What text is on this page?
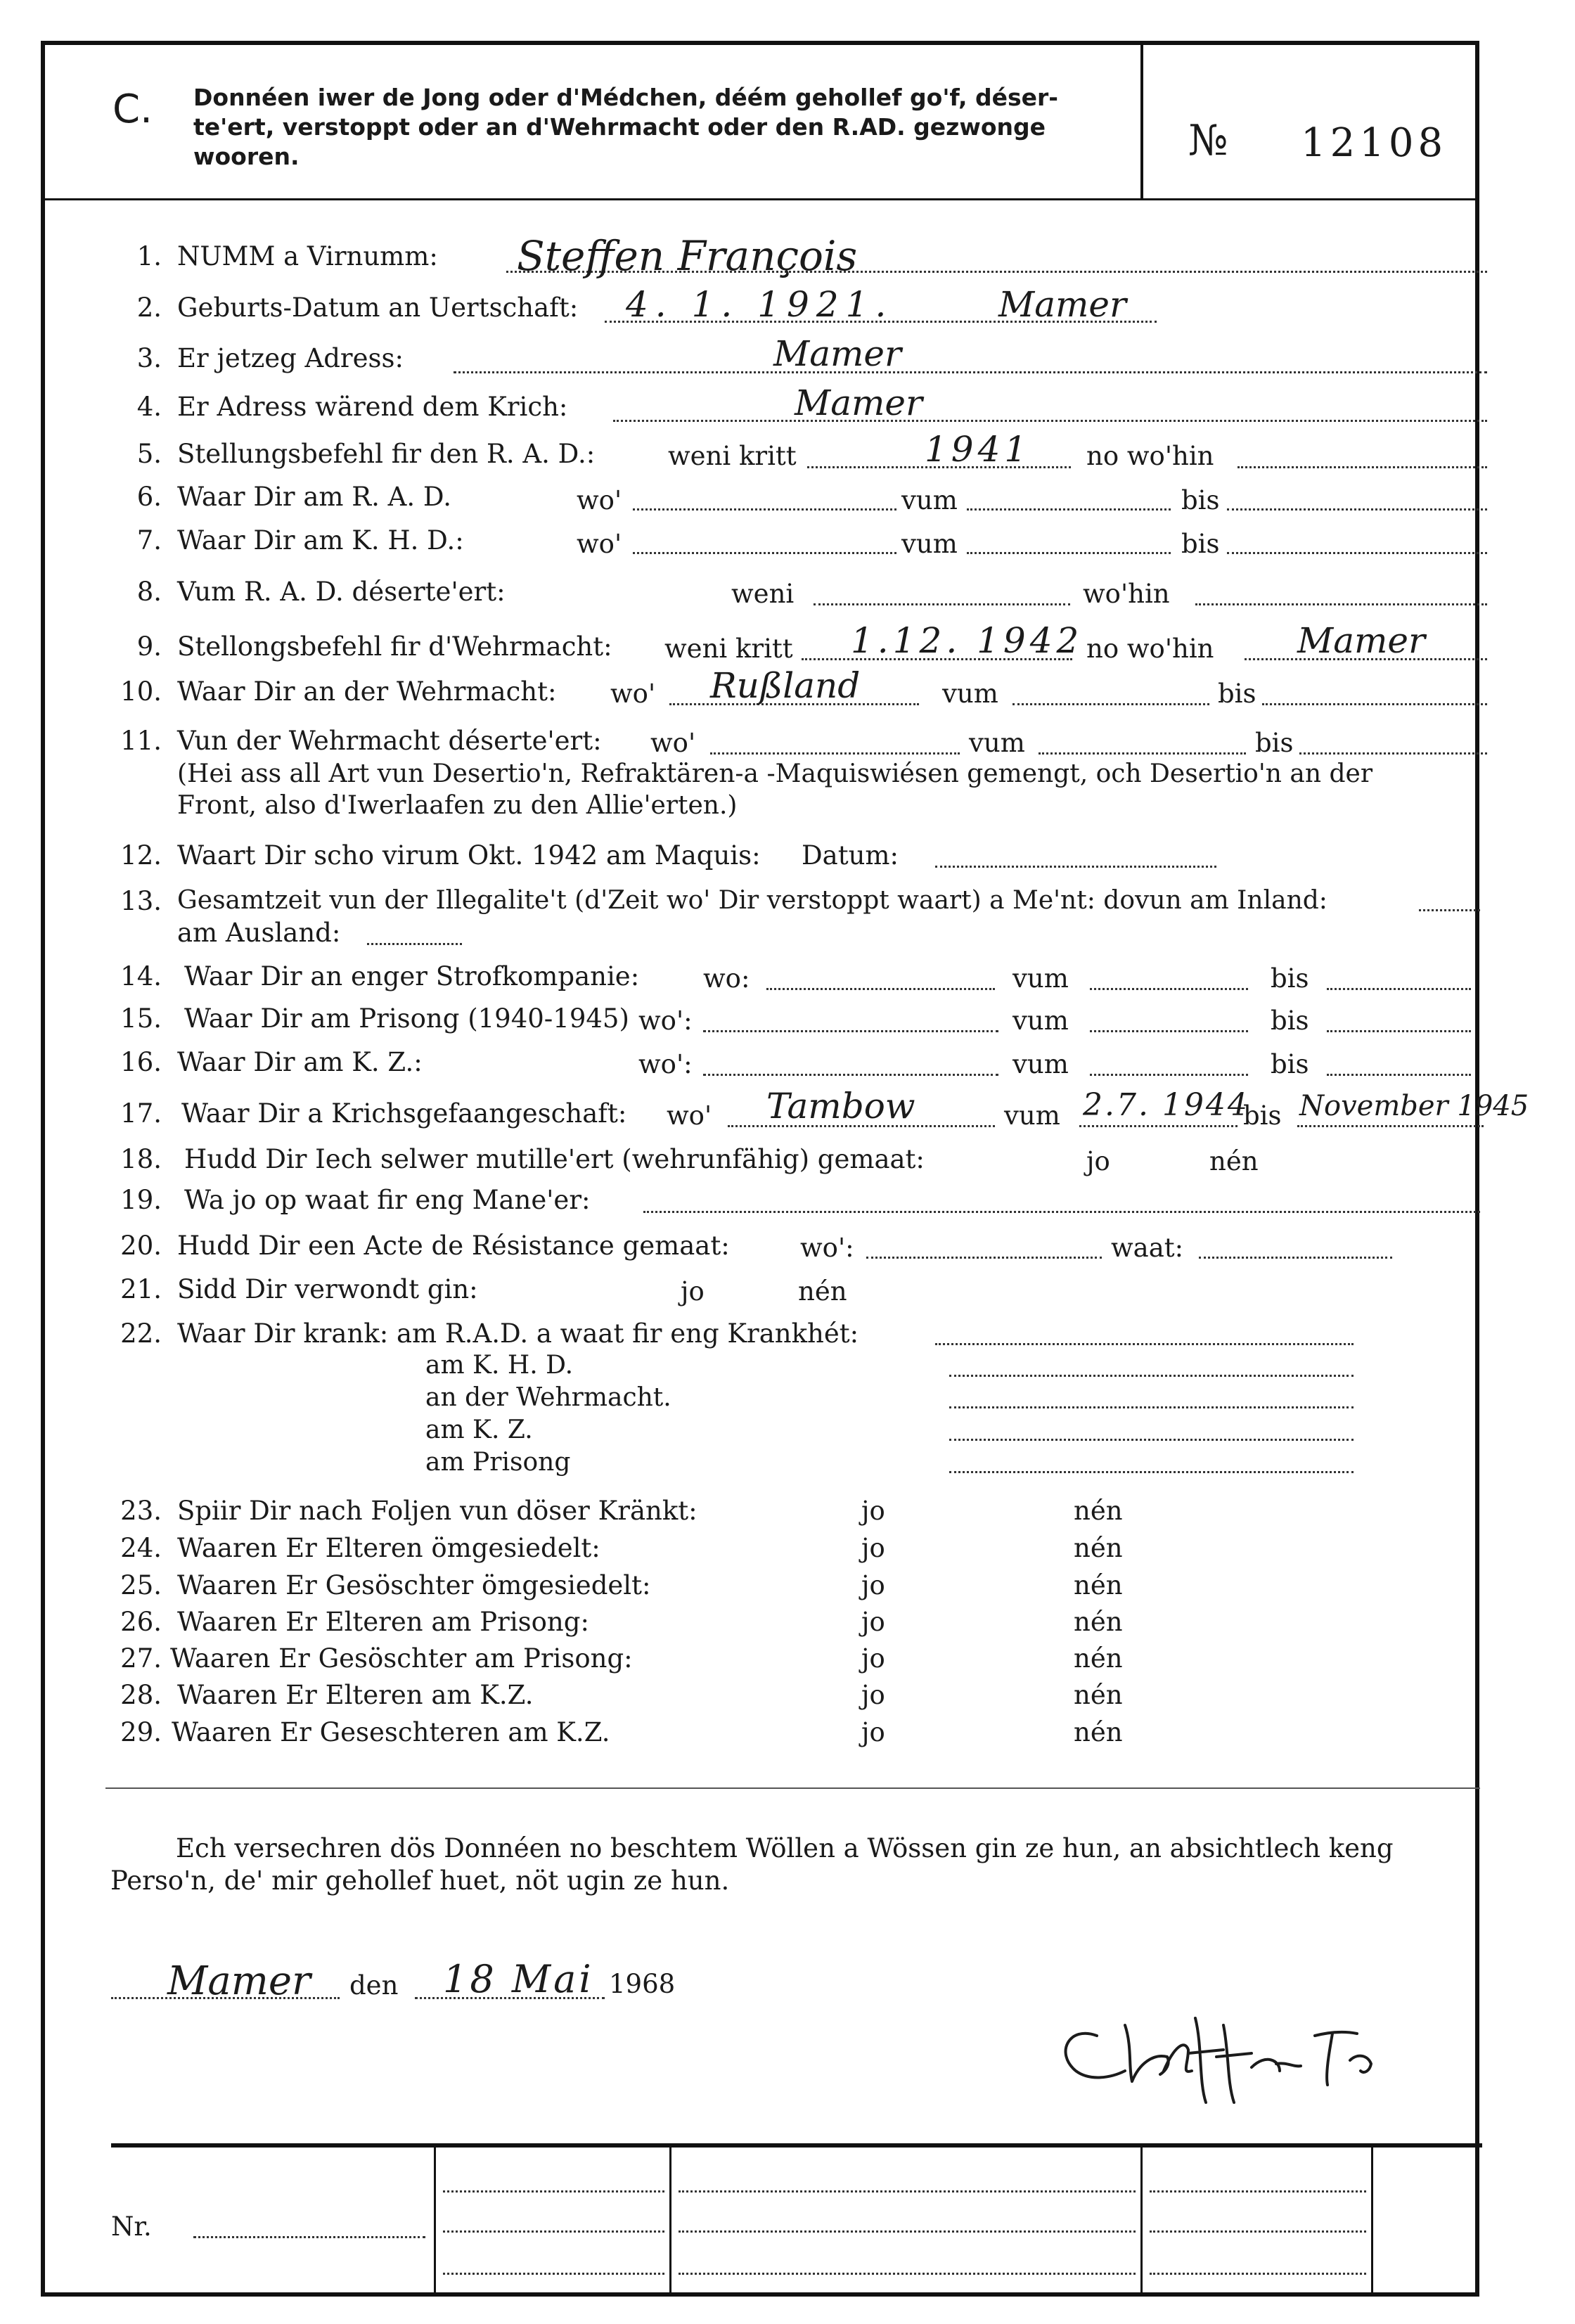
C. Donnéen iwer de Jong oder d'Médchen, déém gehollef go'f, déser-
te'ert, verstoppt oder an d'Wehrmacht oder den R.AD. gezwonge
wooren.	№ 12108
1. NUMM a Virnumm: Steffen François
2. Geburts-Datum an Uertschaft: 4. 1. 1921.	Mamer
3. Er jetzeg Adress:	Mamer
4. Er Adress wärend dem Krich:	Mamer
5. Stellungsbefehl fir den R. A. D.:	weni kritt	1941 no wo'hin
6. Waar Dir am R. A. D.	wo'	vum	bis
7. Waar Dir am K. H. D.:	wo'	vum	bis
8. Vum R. A. D. déserte'ert:	weni	wo'hin
9. Stellongsbefehl fir d'Wehrmacht: weni kritt 1.12. 1942 no wo'hin Mamer
10. Waar Dir an der Wehrmacht: wo' Rußland	vum	bis
11. Vun der Wehrmacht déserte'ert: wo'	vum	bis
(Hei ass all Art vun Desertio'n, Refraktären-a -Maquiswiésen gemengt, och Desertio'n an der
Front, also d'Iwerlaafen zu den Allie'erten.)
12. Waart Dir scho virum Okt. 1942 am Maquis: Datum:
13. Gesamtzeit vun der Illegalite't (d'Zeit wo' Dir verstoppt waart) a Me'nt: dovun am Inland:
am Ausland:
14. Waar Dir an enger Strofkompanie: wo:	vum	bis
15. Waar Dir am Prisong (1940-1945) wo':	vum	bis
16. Waar Dir am K. Z.:	wo':	vum	bis
17. Waar Dir a Krichsgefaangeschaft: wo' Tambow	vum 2.7. 1944
bis November 1945
18. Hudd Dir Iech selwer mutille'ert (wehrunfähig) gemaat:	jo	nén
19. Wa jo op waat fir eng Mane'er:
20. Hudd Dir een Acte de Résistance gemaat:	wo':	waat:
21. Sidd Dir verwondt gin:	jo	nén
22. Waar Dir krank: am R.A.D. a waat fir eng Krankhét:
am K. H. D.
an der Wehrmacht.
am K. Z.
am Prisong
23. Spiir Dir nach Foljen vun döser Kränkt:	jo	nén
24. Waaren Er Elteren ömgesiedelt:	jo	nén
25. Waaren Er Gesöschter ömgesiedelt:	jo	nén
26. Waaren Er Elteren am Prisong:	jo	nén
27. Waaren Er Gesöschter am Prisong:	jo	nén
28. Waaren Er Elteren am K.Z.	jo	nén
29. Waaren Er Geseschteren am K.Z.	jo	nén
Ech versechren dös Donnéen no beschtem Wöllen a Wössen gin ze hun, an absichtlech keng
Perso'n, de' mir gehollef huet, nöt ugin ze hun.
Mamer den 18 Mai 1968
Nr.
